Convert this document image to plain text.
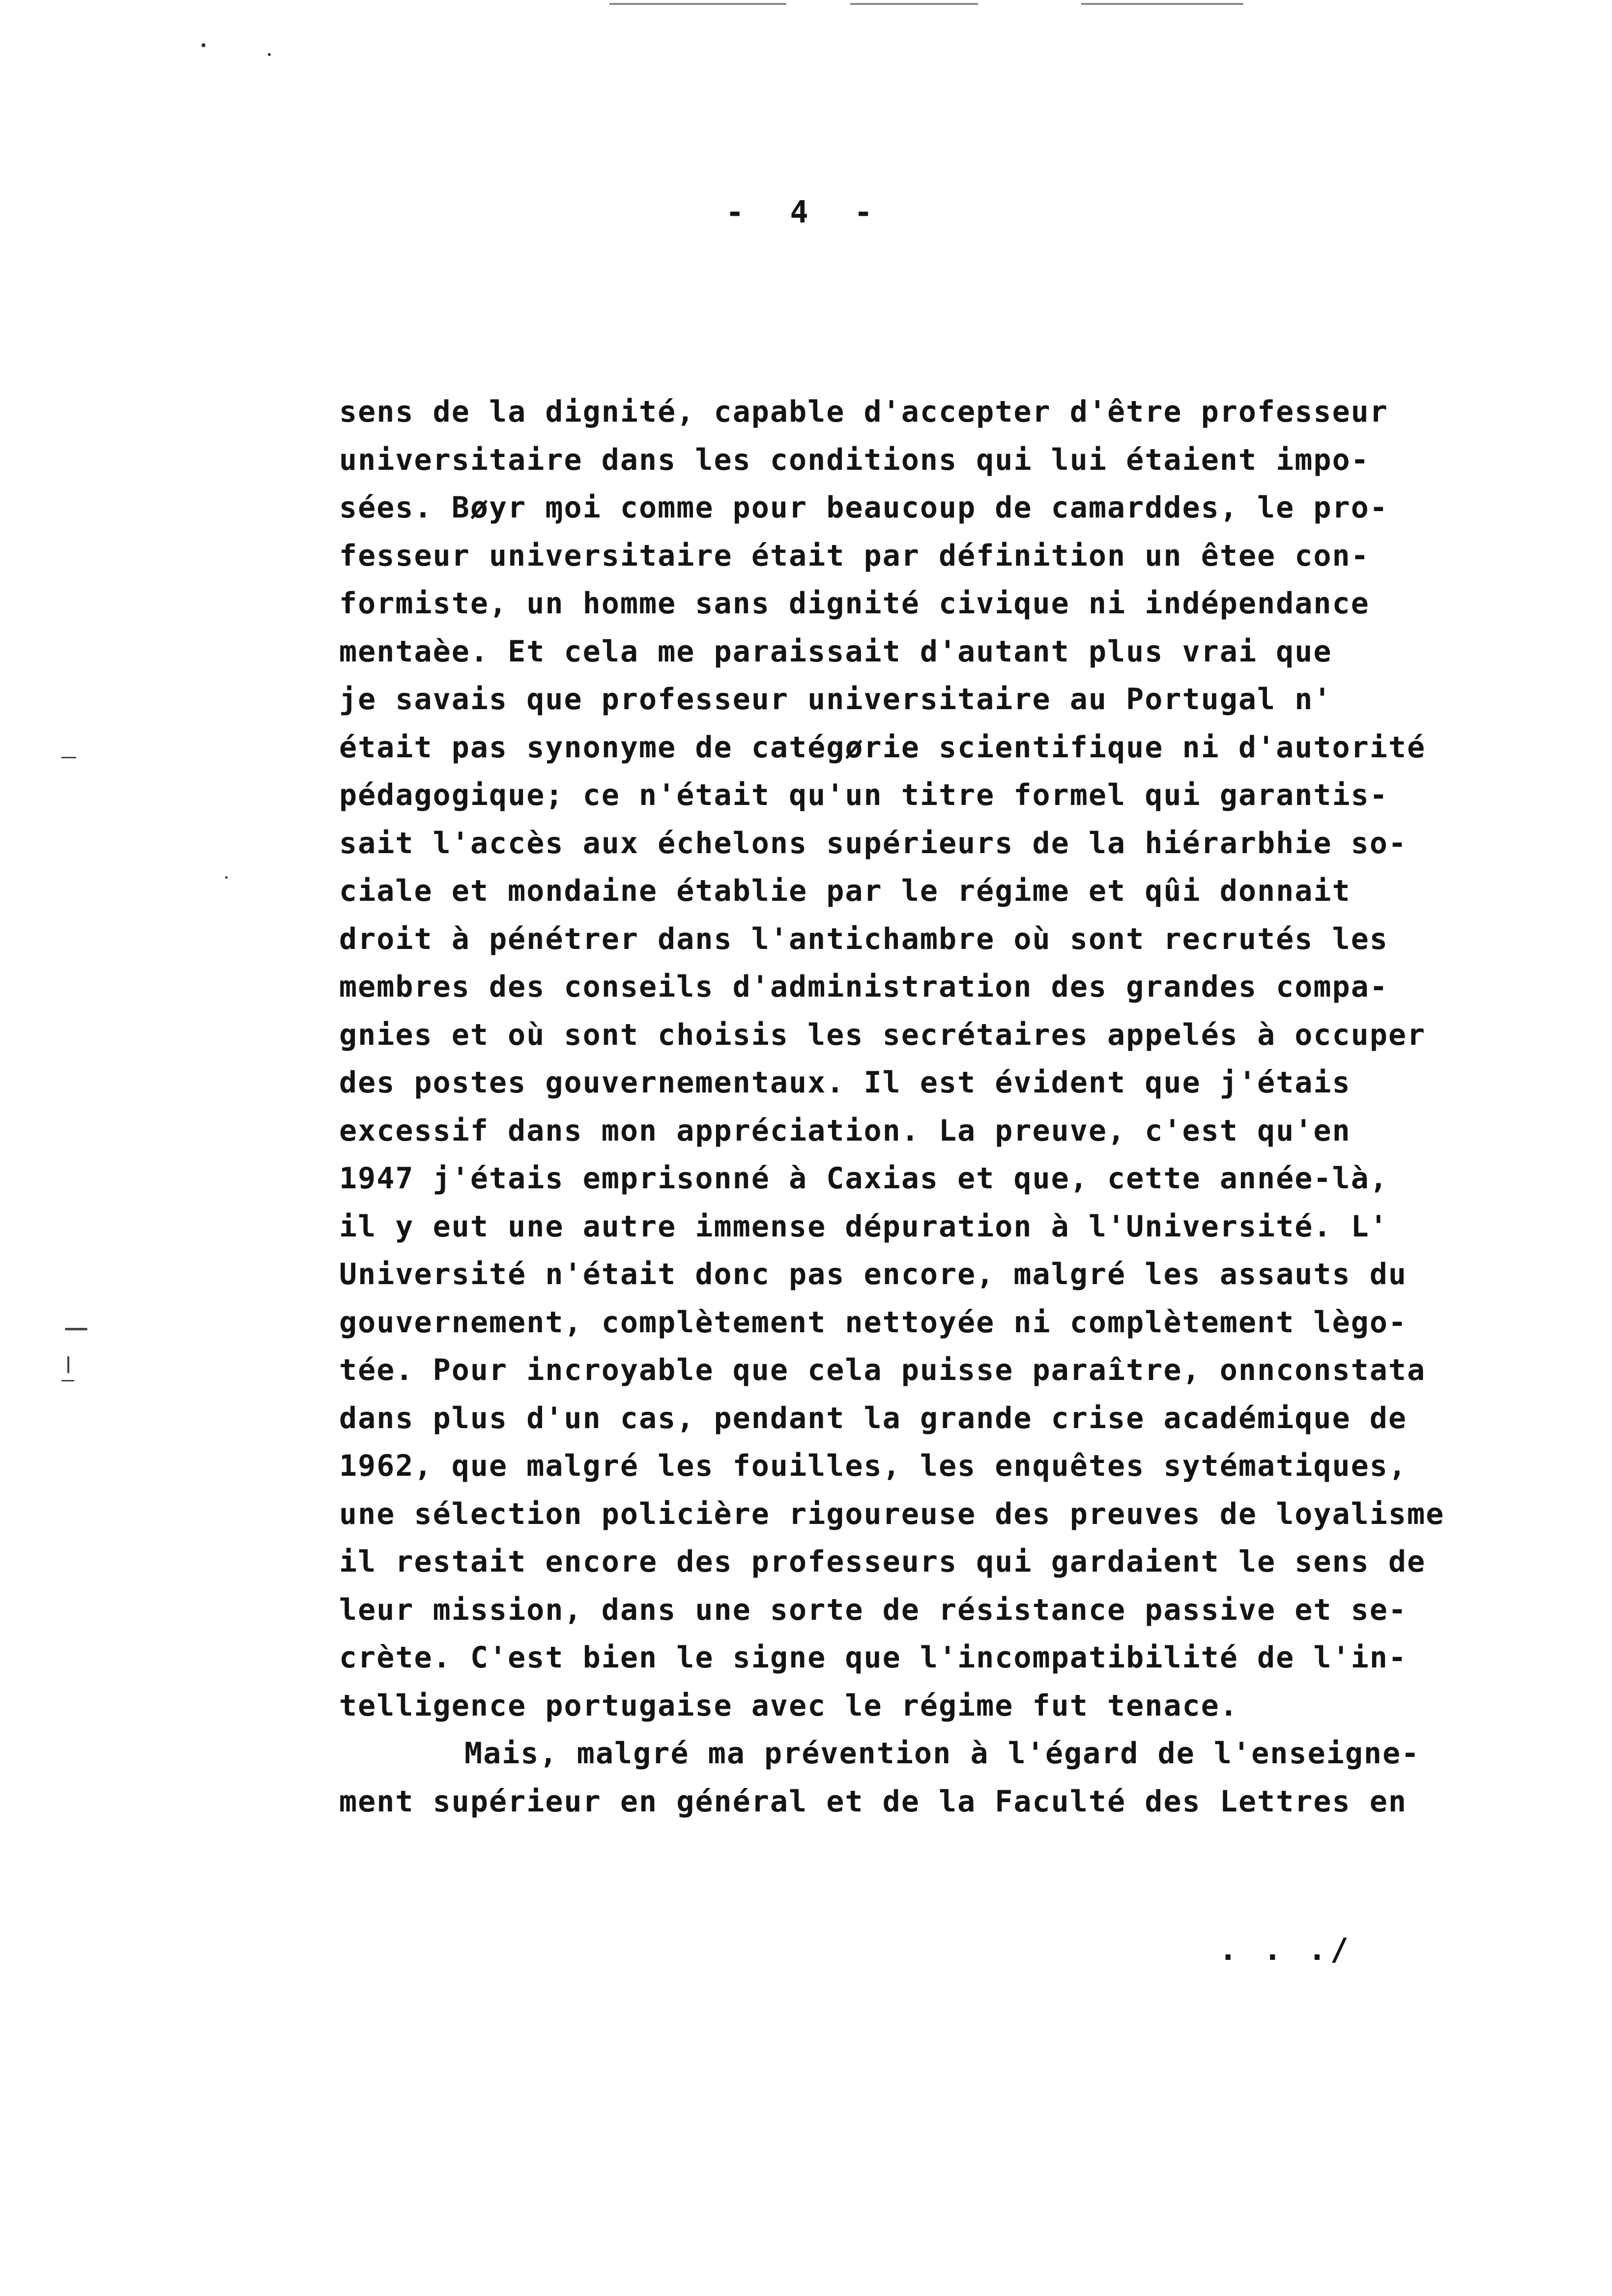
- 4 -
sens de la dignité, capable d'accepter d'être professeur
universitaire dans les conditions qui lui étaient impo-
sées. Bøyr ɱoi comme pour beaucoup de camarddes, le pro-
fesseur universitaire était par définition un êtee con-
formiste, un homme sans dignité civique ni indépendance
mentaèe. Et cela me paraissait d'autant plus vrai que
je savais que professeur universitaire au Portugal n'
était pas synonyme de catégørie scientifique ni d'autorité
pédagogique; ce n'était qu'un titre formel qui garantis-
sait l'accès aux échelons supérieurs de la hiérarbhie so-
ciale et mondaine établie par le régime et qûi donnait
droit à pénétrer dans l'antichambre où sont recrutés les
membres des conseils d'administration des grandes compa-
gnies et où sont choisis les secrétaires appelés à occuper
des postes gouvernementaux. Il est évident que j'étais
excessif dans mon appréciation. La preuve, c'est qu'en
1947 j'étais emprisonné à Caxias et que, cette année-là,
il y eut une autre immense dépuration à l'Université. L'
Université n'était donc pas encore, malgré les assauts du
gouvernement, complètement nettoyée ni complètement lègo-
tée. Pour incroyable que cela puisse paraître, onnconstata
dans plus d'un cas, pendant la grande crise académique de
1962, que malgré les fouilles, les enquêtes sytématiques,
une sélection policière rigoureuse des preuves de loyalisme
il restait encore des professeurs qui gardaient le sens de
leur mission, dans une sorte de résistance passive et se-
crète. C'est bien le signe que l'incompatibilité de l'in-
telligence portugaise avec le régime fut tenace.
Mais, malgré ma prévention à l'égard de l'enseigne-
ment supérieur en général et de la Faculté des Lettres en
. . ./
